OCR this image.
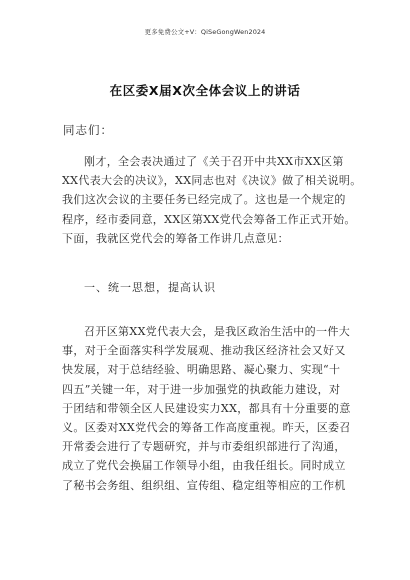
更多免费公文+V：QiSeGongWen2024
在区委X届X次全体会议上的讲话
同志们：
刚才，全会表决通过了《关于召开中共XX市XX区第
XX代表大会的决议》，XX同志也对《决议》做了相关说明。
我们这次会议的主要任务已经完成了。这也是一个规定的
程序，经市委同意，XX区第XX党代会筹备工作正式开始。
下面，我就区党代会的筹备工作讲几点意见：
一、统一思想，提高认识
召开区第XX党代表大会，是我区政治生活中的一件大
事，对于全面落实科学发展观、推动我区经济社会又好又
快发展，对于总结经验、明确思路、凝心聚力、实现“十
四五”关键一年，对于进一步加强党的执政能力建设，对
于团结和带领全区人民建设实力XX，都具有十分重要的意
义。区委对XX党代会的筹备工作高度重视。昨天，区委召
开常委会进行了专题研究，并与市委组织部进行了沟通，
成立了党代会换届工作领导小组，由我任组长。同时成立
了秘书会务组、组织组、宣传组、稳定组等相应的工作机
